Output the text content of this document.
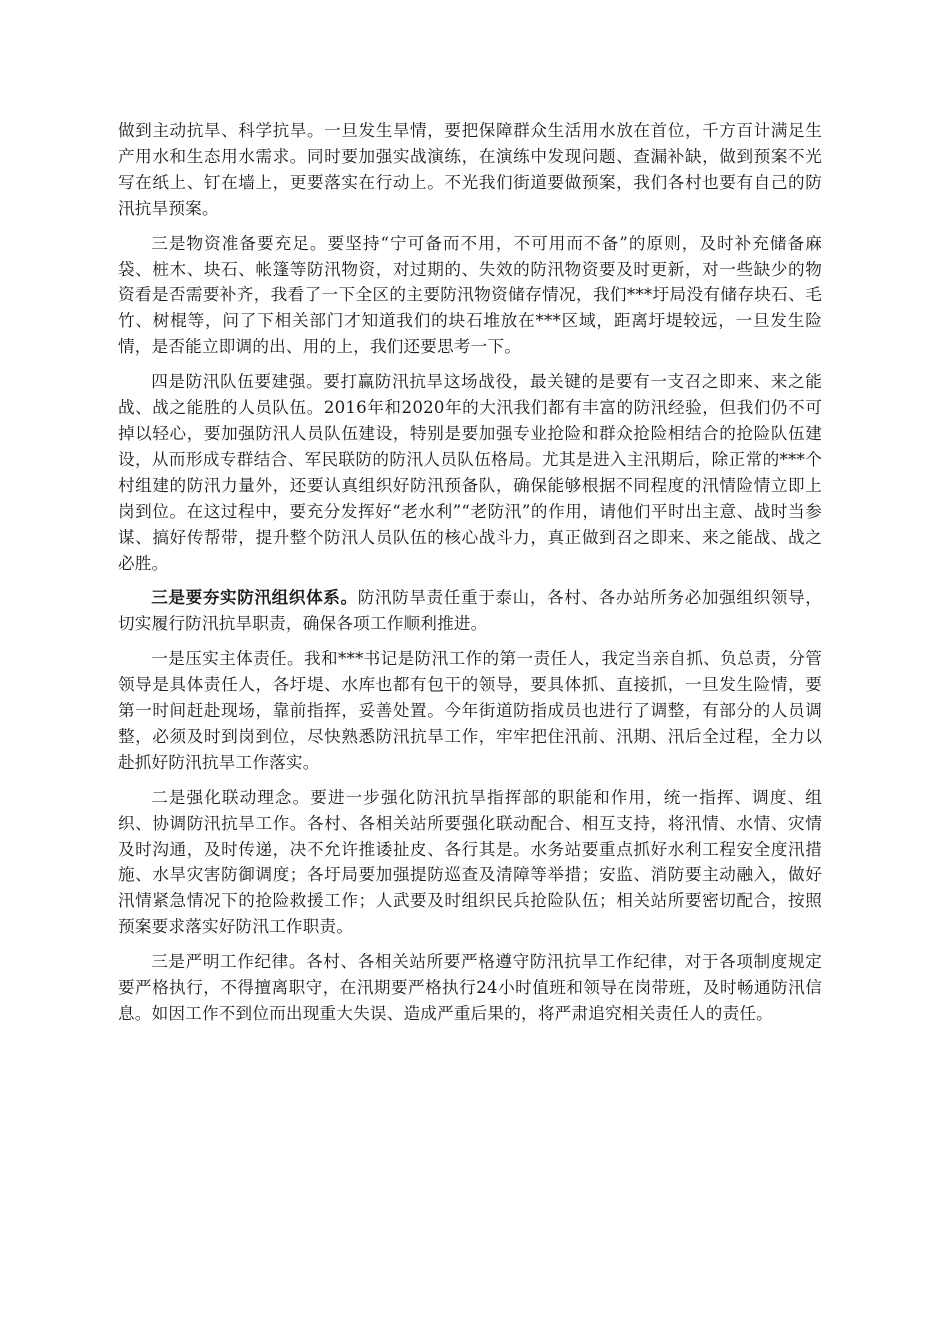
做到主动抗旱、科学抗旱。一旦发生旱情，要把保障群众生活用水放在首位，千方百计满足生产用水和生态用水需求。同时要加强实战演练，在演练中发现问题、查漏补缺，做到预案不光写在纸上、钉在墙上，更要落实在行动上。不光我们街道要做预案，我们各村也要有自己的防汛抗旱预案。

三是物资准备要充足。要坚持“宁可备而不用，不可用而不备”的原则，及时补充储备麻袋、桩木、块石、帐篷等防汛物资，对过期的、失效的防汛物资要及时更新，对一些缺少的物资看是否需要补齐，我看了一下全区的主要防汛物资储存情况，我们***圩局没有储存块石、毛竹、树棍等，问了下相关部门才知道我们的块石堆放在***区域，距离圩堤较远，一旦发生险情，是否能立即调的出、用的上，我们还要思考一下。

四是防汛队伍要建强。要打赢防汛抗旱这场战役，最关键的是要有一支召之即来、来之能战、战之能胜的人员队伍。2016年和2020年的大汛我们都有丰富的防汛经验，但我们仍不可掉以轻心，要加强防汛人员队伍建设，特别是要加强专业抢险和群众抢险相结合的抢险队伍建设，从而形成专群结合、军民联防的防汛人员队伍格局。尤其是进入主汛期后，除正常的***个村组建的防汛力量外，还要认真组织好防汛预备队，确保能够根据不同程度的汛情险情立即上岗到位。在这过程中，要充分发挥好“老水利”“老防汛”的作用，请他们平时出主意、战时当参谋、搞好传帮带，提升整个防汛人员队伍的核心战斗力，真正做到召之即来、来之能战、战之必胜。

三是要夯实防汛组织体系。防汛防旱责任重于泰山，各村、各办站所务必加强组织领导，切实履行防汛抗旱职责，确保各项工作顺利推进。

一是压实主体责任。我和***书记是防汛工作的第一责任人，我定当亲自抓、负总责，分管领导是具体责任人，各圩堤、水库也都有包干的领导，要具体抓、直接抓，一旦发生险情，要第一时间赶赴现场，靠前指挥，妥善处置。今年街道防指成员也进行了调整，有部分的人员调整，必须及时到岗到位，尽快熟悉防汛抗旱工作，牢牢把住汛前、汛期、汛后全过程，全力以赴抓好防汛抗旱工作落实。

二是强化联动理念。要进一步强化防汛抗旱指挥部的职能和作用，统一指挥、调度、组织、协调防汛抗旱工作。各村、各相关站所要强化联动配合、相互支持，将汛情、水情、灾情及时沟通，及时传递，决不允许推诿扯皮、各行其是。水务站要重点抓好水利工程安全度汛措施、水旱灾害防御调度；各圩局要加强提防巡查及清障等举措；安监、消防要主动融入，做好汛情紧急情况下的抢险救援工作；人武要及时组织民兵抢险队伍；相关站所要密切配合，按照预案要求落实好防汛工作职责。

三是严明工作纪律。各村、各相关站所要严格遵守防汛抗旱工作纪律，对于各项制度规定要严格执行，不得擅离职守，在汛期要严格执行24小时值班和领导在岗带班，及时畅通防汛信息。如因工作不到位而出现重大失误、造成严重后果的，将严肃追究相关责任人的责任。
